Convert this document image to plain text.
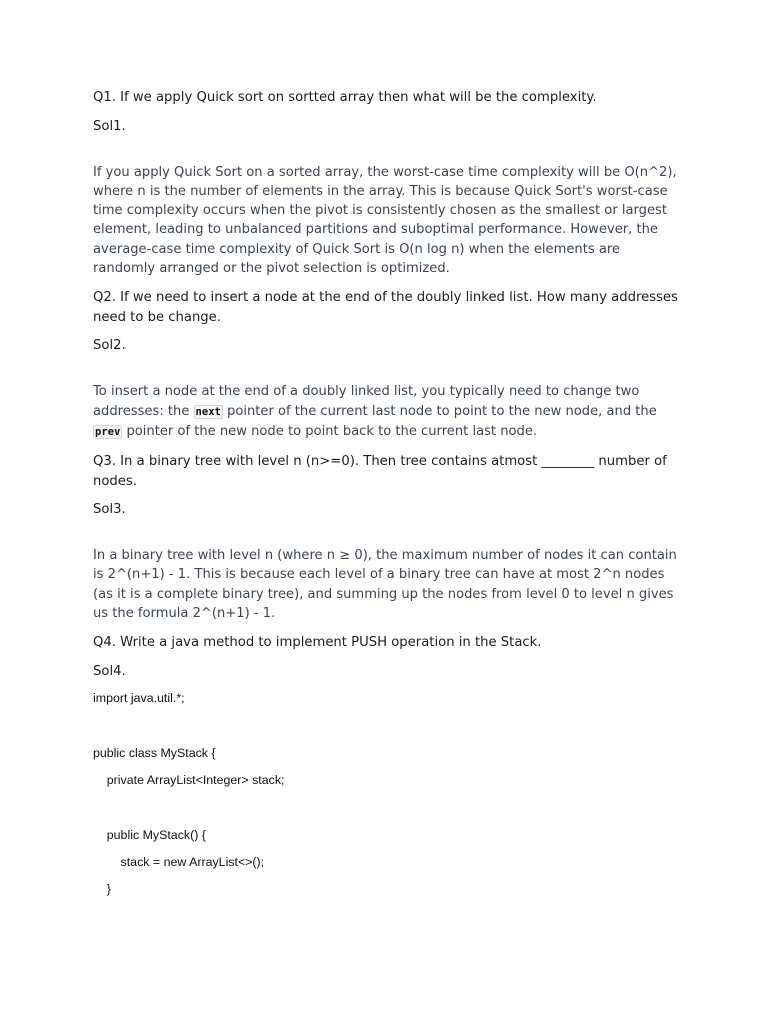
Q1. If we apply Quick sort on sortted array then what will be the complexity.

Sol1.

If you apply Quick Sort on a sorted array, the worst-case time complexity will be O(n^2), where n is the number of elements in the array. This is because Quick Sort's worst-case time complexity occurs when the pivot is consistently chosen as the smallest or largest element, leading to unbalanced partitions and suboptimal performance. However, the average-case time complexity of Quick Sort is O(n log n) when the elements are randomly arranged or the pivot selection is optimized.

Q2. If we need to insert a node at the end of the doubly linked list. How many addresses need to be change.

Sol2.

To insert a node at the end of a doubly linked list, you typically need to change two addresses: the next pointer of the current last node to point to the new node, and the prev pointer of the new node to point back to the current last node.

Q3. In a binary tree with level n (n>=0). Then tree contains atmost ________ number of nodes.

Sol3.

In a binary tree with level n (where n ≥ 0), the maximum number of nodes it can contain is 2^(n+1) - 1. This is because each level of a binary tree can have at most 2^n nodes (as it is a complete binary tree), and summing up the nodes from level 0 to level n gives us the formula 2^(n+1) - 1.

Q4. Write a java method to implement PUSH operation in the Stack.

Sol4.

import java.util.*;
public class MyStack {
private ArrayList<Integer> stack;
public MyStack() {
stack = new ArrayList<>();
}
